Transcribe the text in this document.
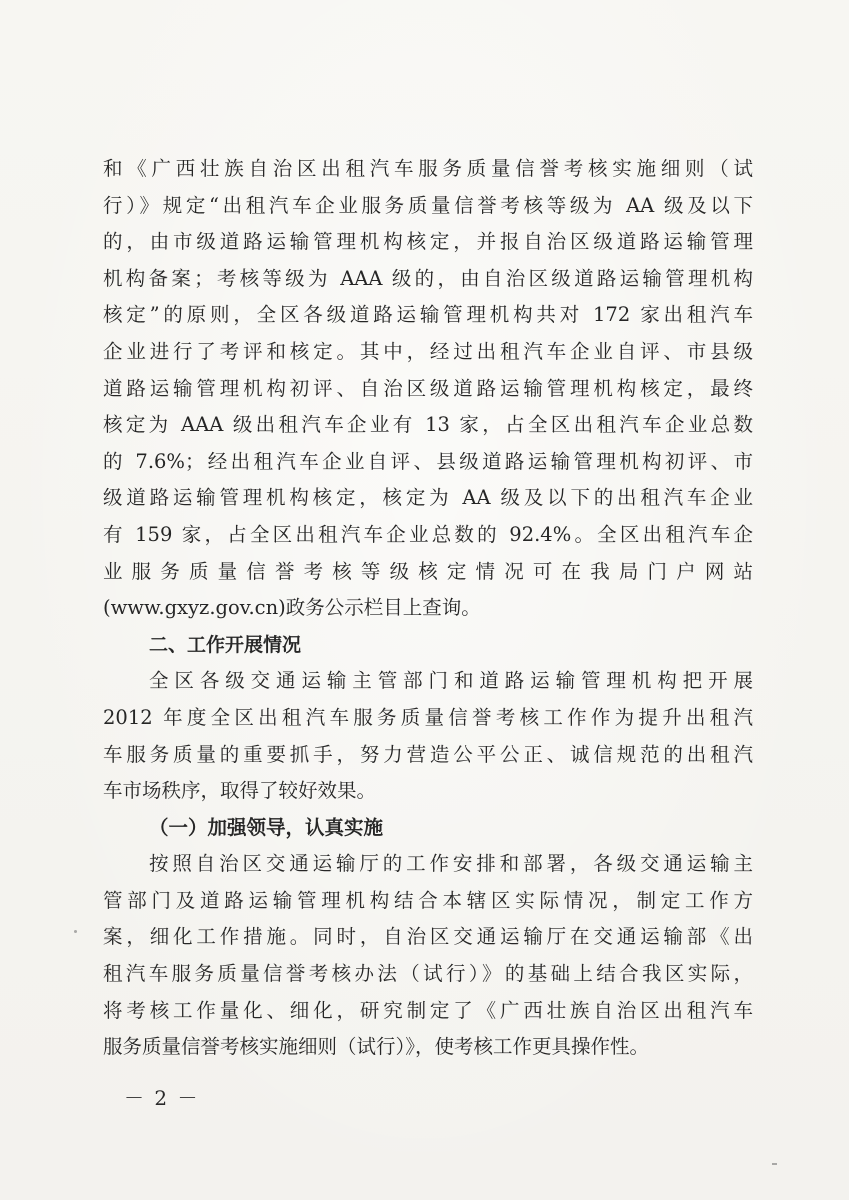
和《广西壮族自治区出租汽车服务质量信誉考核实施细则（试
行）》规定“出租汽车企业服务质量信誉考核等级为 AA 级及以下
的，由市级道路运输管理机构核定，并报自治区级道路运输管理
机构备案；考核等级为 AAA 级的，由自治区级道路运输管理机构
核定”的原则，全区各级道路运输管理机构共对 172 家出租汽车
企业进行了考评和核定。其中，经过出租汽车企业自评、市县级
道路运输管理机构初评、自治区级道路运输管理机构核定，最终
核定为 AAA 级出租汽车企业有 13 家，占全区出租汽车企业总数
的 7.6%；经出租汽车企业自评、县级道路运输管理机构初评、市
级道路运输管理机构核定，核定为 AA 级及以下的出租汽车企业
有 159 家，占全区出租汽车企业总数的 92.4%。全区出租汽车企
业服务质量信誉考核等级核定情况可在我局门户网站
(www.gxyz.gov.cn)政务公示栏目上查询。
二、工作开展情况
全区各级交通运输主管部门和道路运输管理机构把开展
2012 年度全区出租汽车服务质量信誉考核工作作为提升出租汽
车服务质量的重要抓手，努力营造公平公正、诚信规范的出租汽
车市场秩序，取得了较好效果。
（一）加强领导，认真实施
按照自治区交通运输厅的工作安排和部署，各级交通运输主
管部门及道路运输管理机构结合本辖区实际情况，制定工作方
案，细化工作措施。同时，自治区交通运输厅在交通运输部《出
租汽车服务质量信誉考核办法（试行）》的基础上结合我区实际，
将考核工作量化、细化，研究制定了《广西壮族自治区出租汽车
服务质量信誉考核实施细则（试行）》，使考核工作更具操作性。
－ 2 －
